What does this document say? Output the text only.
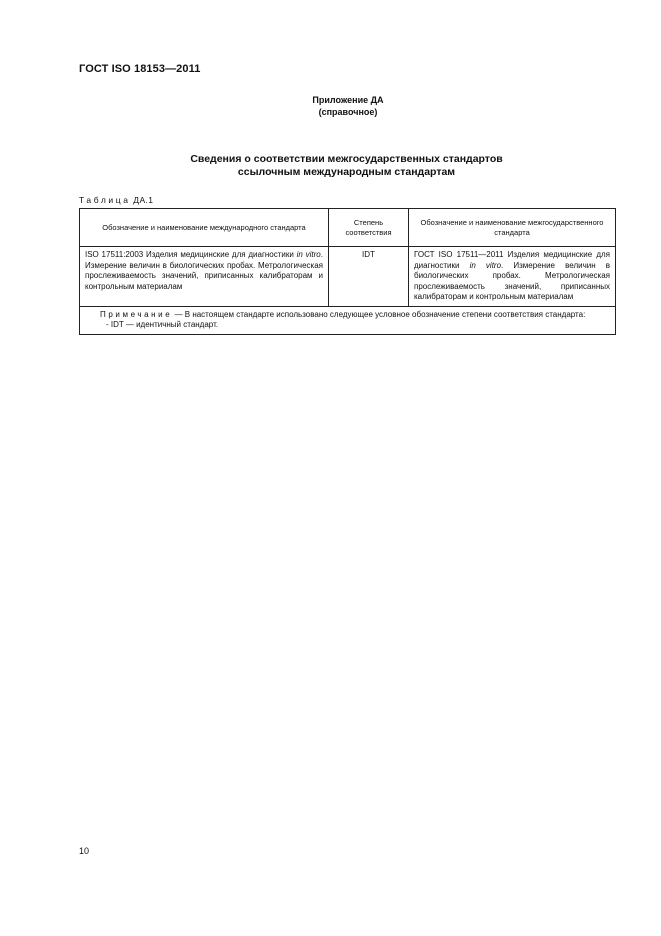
ГОСТ ISO 18153—2011
Приложение ДА
(справочное)
Сведения о соответствии межгосударственных стандартов
ссылочным международным стандартам
Таблица ДА.1
Обозначение и наименование международного стандарта	Степень соответствия	Обозначение и наименование межгосударственного стандарта
ISO 17511:2003 Изделия медицинские для диагностики in vitro. Измерение величин в биологических пробах. Метрологическая прослеживаемость значений, приписанных калибраторам и контрольным материалам	IDT	ГОСТ ISO 17511—2011 Изделия медицинские для диагностики in vitro. Измерение величин в биологических пробах. Метрологическая прослеживаемость значений, приписанных калибраторам и контрольным материалам

Примечание — В настоящем стандарте использовано следующее условное обозначение степени соответствия стандарта:
- IDT — идентичный стандарт.		
10
